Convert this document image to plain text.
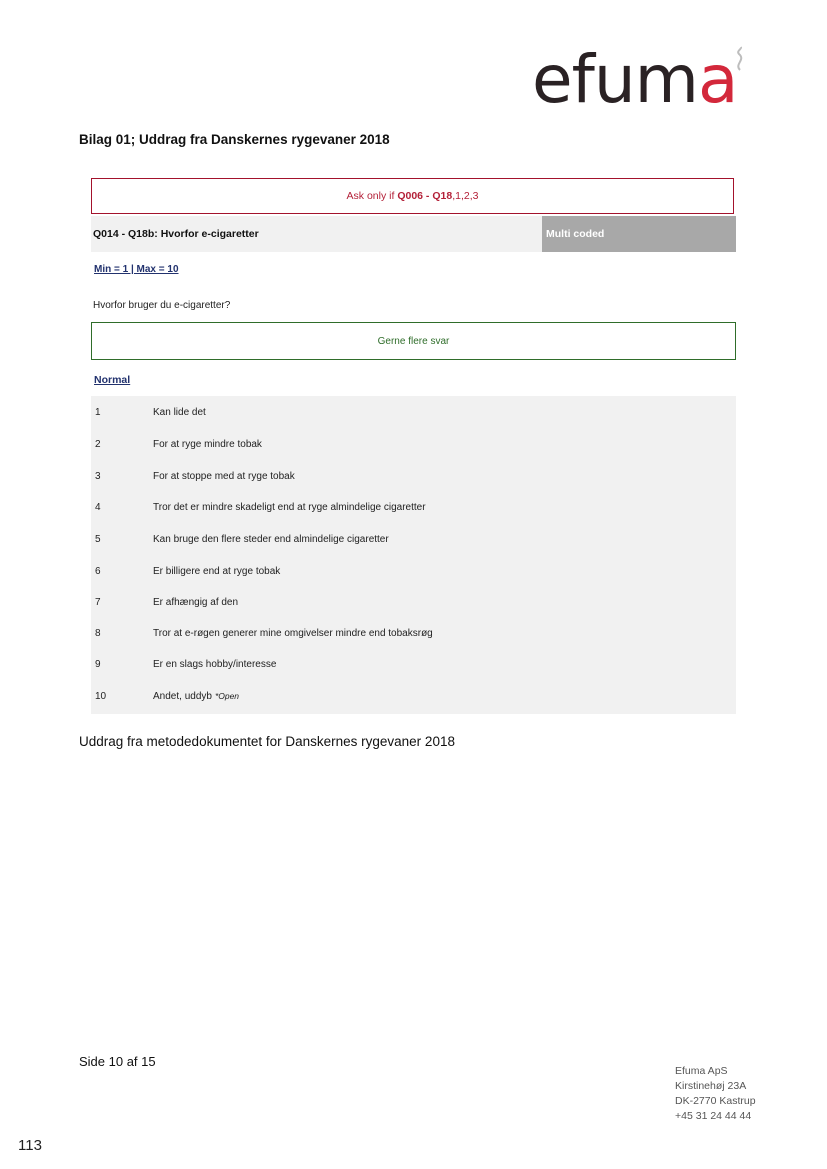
efuma
Bilag 01; Uddrag fra Danskernes rygevaner 2018
Ask only if Q006 - Q18 ,1,2,3
Q014 - Q18b: Hvorfor e-cigaretter	Multi coded
Min = 1 | Max = 10
Hvorfor bruger du e-cigaretter?
Gerne flere svar
Normal
1	Kan lide det
2	For at ryge mindre tobak
3	For at stoppe med at ryge tobak
4	Tror det er mindre skadeligt end at ryge almindelige cigaretter
5	Kan bruge den flere steder end almindelige cigaretter
6	Er billigere end at ryge tobak
7	Er afhængig af den
8	Tror at e-røgen generer mine omgivelser mindre end tobaksrøg
9	Er en slags hobby/interesse
10	Andet, uddyb *Open
Uddrag fra metodedokumentet for Danskernes rygevaner 2018
Side 10 af 15
Efuma ApS
Kirstinehøj 23A
DK-2770 Kastrup
+45 31 24 44 44
113
